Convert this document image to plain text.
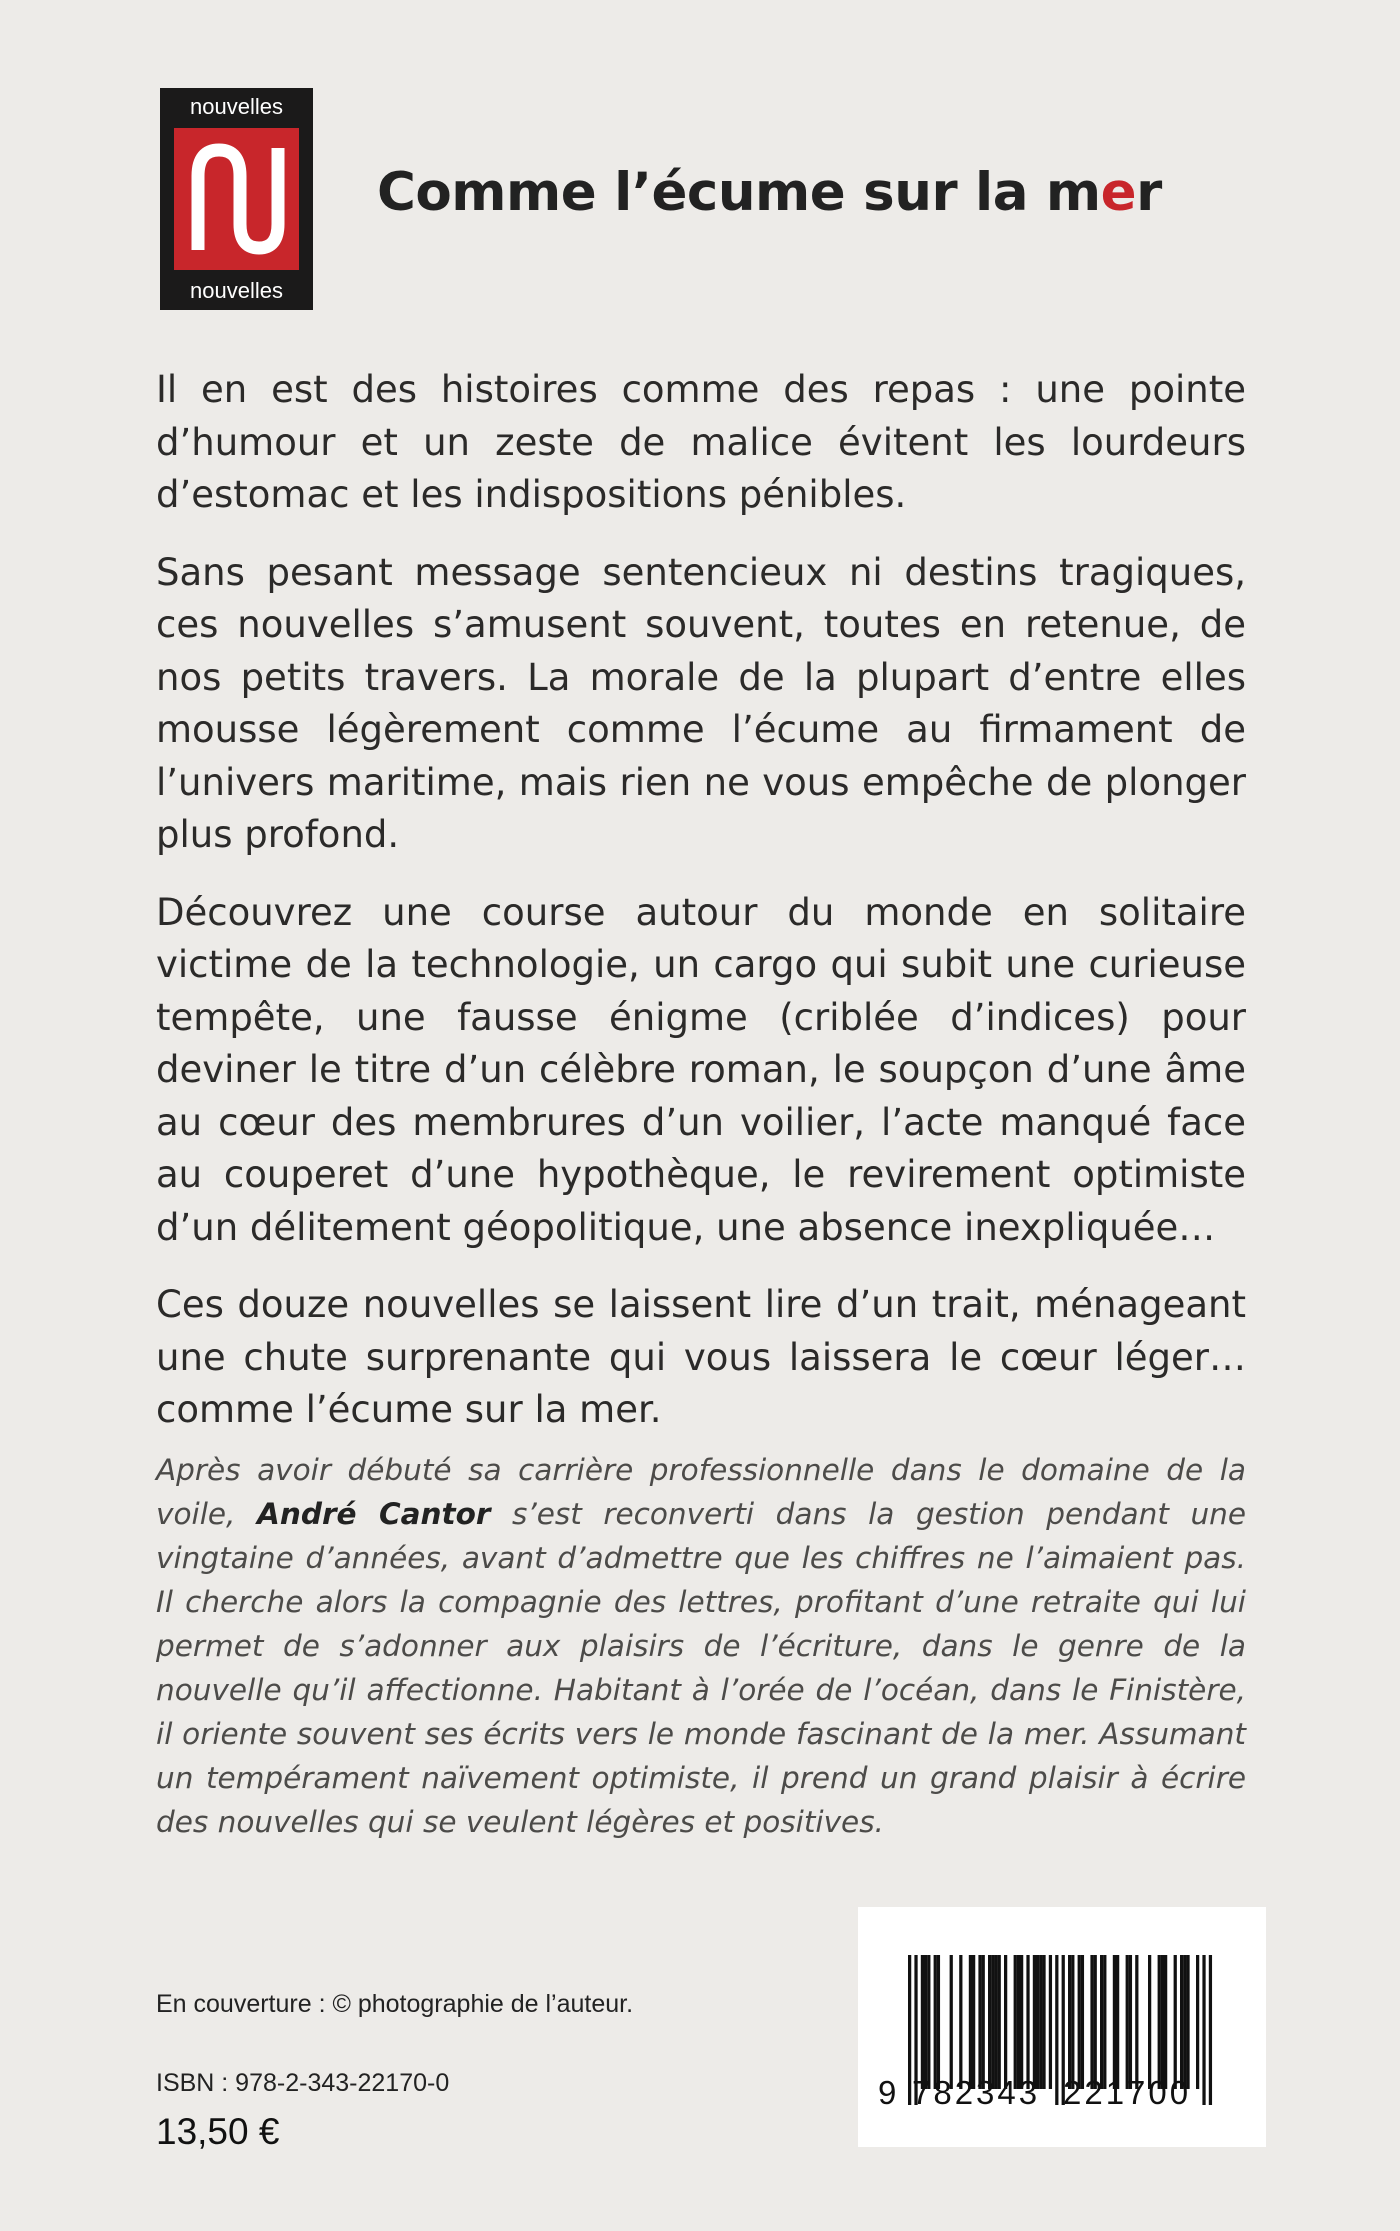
nouvelles
nouvelles
Comme l’écume sur la mer

Il en est des histoires comme des repas : une pointe d’humour et un zeste de malice évitent les lourdeurs d’estomac et les indispositions pénibles.

Sans pesant message sentencieux ni destins tragiques, ces nouvelles s’amusent souvent, toutes en retenue, de nos petits travers. La morale de la plupart d’entre elles mousse légèrement comme l’écume au firmament de l’univers maritime, mais rien ne vous empêche de plonger plus profond.

Découvrez une course autour du monde en solitaire victime de la technologie, un cargo qui subit une curieuse tempête, une fausse énigme (criblée d’indices) pour deviner le titre d’un célèbre roman, le soupçon d’une âme au cœur des membrures d’un voilier, l’acte manqué face au couperet d’une hypothèque, le revirement optimiste d’un délitement géopolitique, une absence inexpliquée…

Ces douze nouvelles se laissent lire d’un trait, ménageant une chute surprenante qui vous laissera le cœur léger… comme l’écume sur la mer.

Après avoir débuté sa carrière professionnelle dans le domaine de la voile, André Cantor s’est reconverti dans la gestion pendant une vingtaine d’années, avant d’admettre que les chiffres ne l’aimaient pas. Il cherche alors la compagnie des lettres, profitant d’une retraite qui lui permet de s’adonner aux plaisirs de l’écriture, dans le genre de la nouvelle qu’il affectionne. Habitant à l’orée de l’océan, dans le Finistère, il oriente souvent ses écrits vers le monde fascinant de la mer. Assumant un tempérament naïvement optimiste, il prend un grand plaisir à écrire des nouvelles qui se veulent légères et positives.

En couverture : © photographie de l’auteur.
ISBN : 978-2-343-22170-0
13,50 €
9 782343 221700
